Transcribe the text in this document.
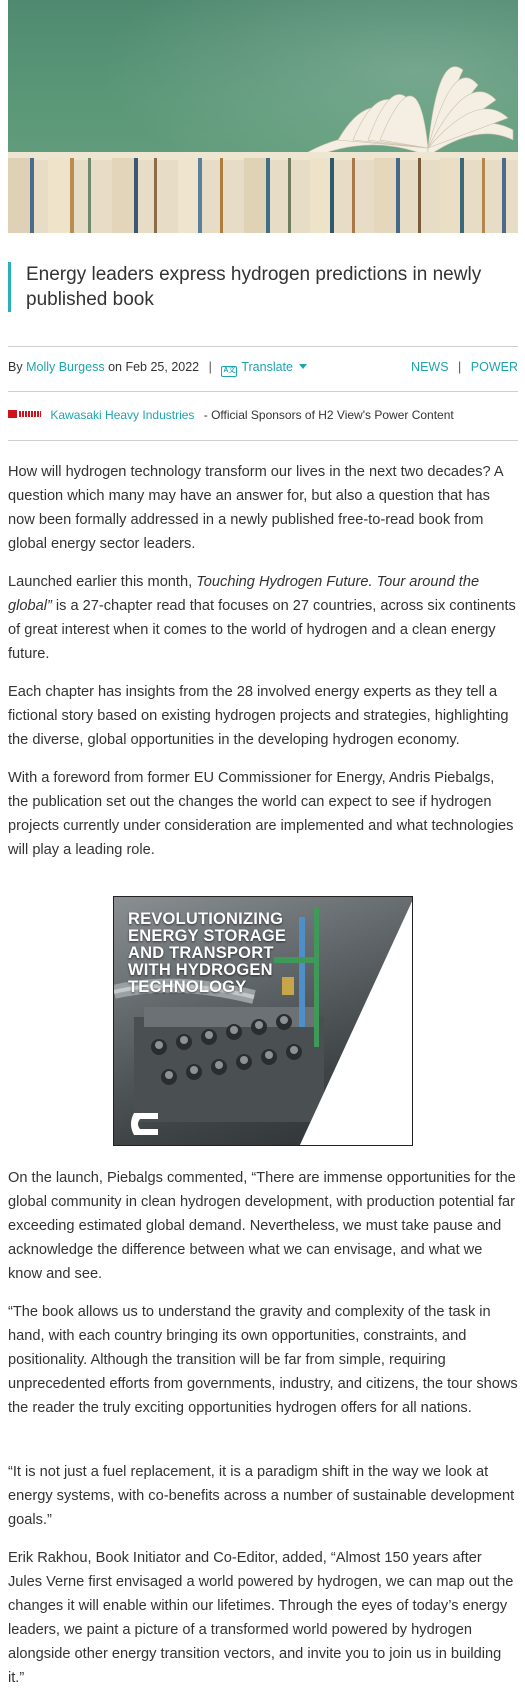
Energy leaders express hydrogen predictions in newly published book
By Molly Burgess on Feb 25, 2022 | A文 Translate	NEWS | POWER
Kawasaki Heavy Industries - Official Sponsors of H2 View's Power Content

How will hydrogen technology transform our lives in the next two decades? A question which many may have an answer for, but also a question that has now been formally addressed in a newly published free-to-read book from global energy sector leaders.

Launched earlier this month, Touching Hydrogen Future. Tour around the global” is a 27-chapter read that focuses on 27 countries, across six continents of great interest when it comes to the world of hydrogen and a clean energy future.

Each chapter has insights from the 28 involved energy experts as they tell a fictional story based on existing hydrogen projects and strategies, highlighting the diverse, global opportunities in the developing hydrogen economy.

With a foreword from former EU Commissioner for Energy, Andris Piebalgs, the publication set out the changes the world can expect to see if hydrogen projects currently under consideration are implemented and what technologies will play a leading role.

REVOLUTIONIZING ENERGY STORAGE AND TRANSPORT WITH HYDROGEN TECHNOLOGY

On the launch, Piebalgs commented, “There are immense opportunities for the global community in clean hydrogen development, with production potential far exceeding estimated global demand. Nevertheless, we must take pause and acknowledge the difference between what we can envisage, and what we know and see.

“The book allows us to understand the gravity and complexity of the task in hand, with each country bringing its own opportunities, constraints, and positionality. Although the transition will be far from simple, requiring unprecedented efforts from governments, industry, and citizens, the tour shows the reader the truly exciting opportunities hydrogen offers for all nations.

“It is not just a fuel replacement, it is a paradigm shift in the way we look at energy systems, with co-benefits across a number of sustainable development goals.”

Erik Rakhou, Book Initiator and Co-Editor, added, “Almost 150 years after Jules Verne first envisaged a world powered by hydrogen, we can map out the changes it will enable within our lifetimes. Through the eyes of today’s energy leaders, we paint a picture of a transformed world powered by hydrogen alongside other energy transition vectors, and invite you to join us in building it.”
